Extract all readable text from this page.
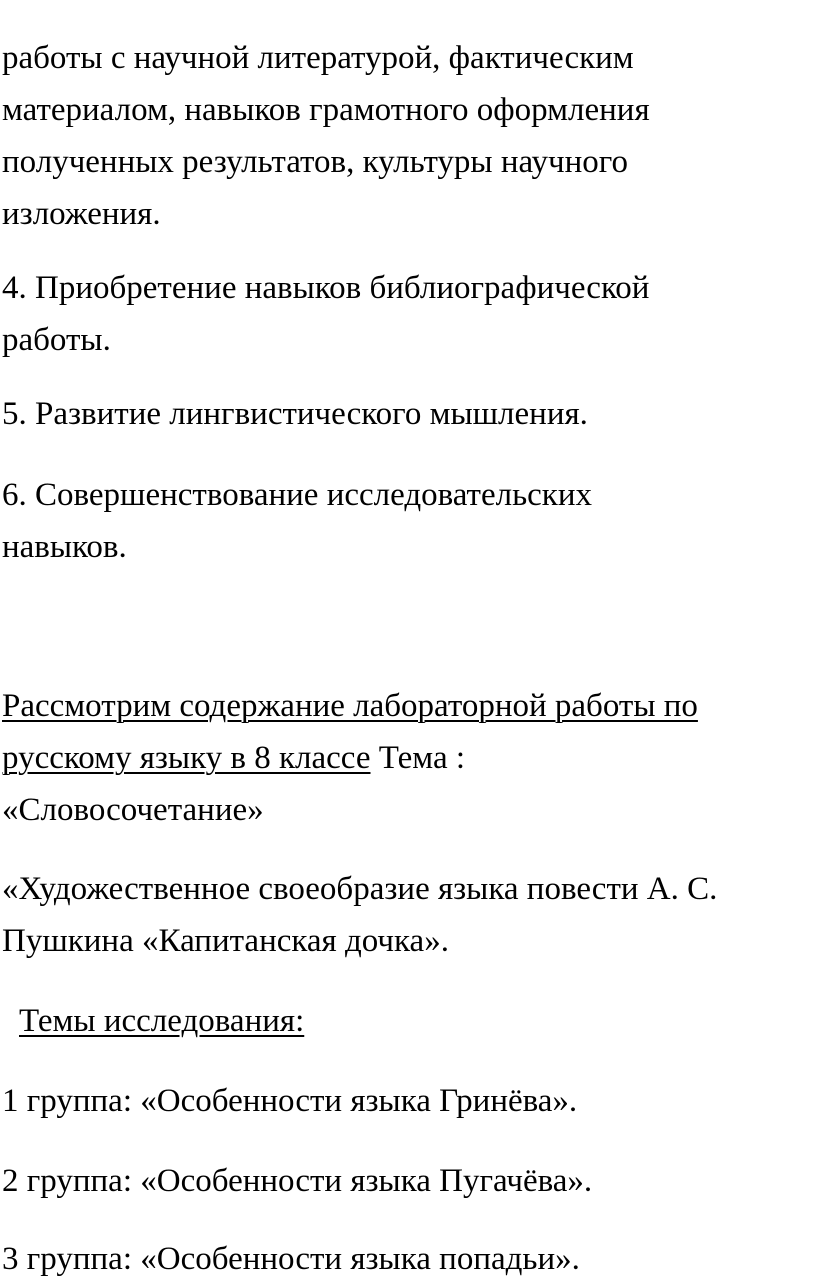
работы с научной литературой, фактическим
материалом, навыков грамотного оформления
полученных результатов, культуры научного
изложения.

4. Приобретение навыков библиографической
работы.

5. Развитие лингвистического мышления.

6. Совершенствование исследовательских
навыков.

Рассмотрим содержание лабораторной работы по
русскому языку в 8 классе Тема :
«Словосочетание»

«Художественное своеобразие языка повести А. С.
Пушкина «Капитанская дочка».

Темы исследования:

1 группа: «Особенности языка Гринёва».

2 группа: «Особенности языка Пугачёва».

3 группа: «Особенности языка попадьи».
